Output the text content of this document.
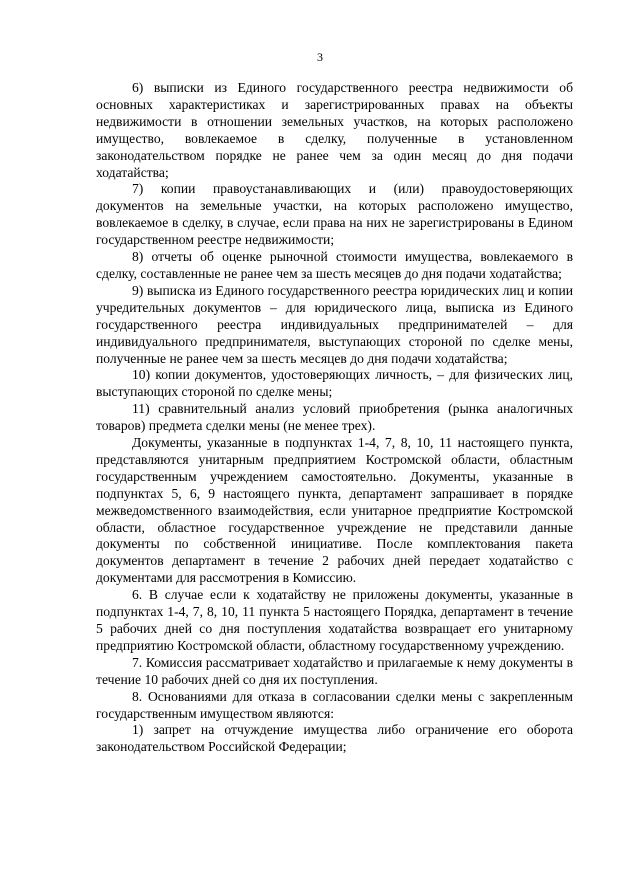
3

6) выписки из Единого государственного реестра недвижимости об основных характеристиках и зарегистрированных правах на объекты недвижимости в отношении земельных участков, на которых расположено имущество, вовлекаемое в сделку, полученные в установленном законодательством порядке не ранее чем за один месяц до дня подачи ходатайства;

7) копии правоустанавливающих и (или) правоудостоверяющих документов на земельные участки, на которых расположено имущество, вовлекаемое в сделку, в случае, если права на них не зарегистрированы в Едином государственном реестре недвижимости;

8) отчеты об оценке рыночной стоимости имущества, вовлекаемого в сделку, составленные не ранее чем за шесть месяцев до дня подачи ходатайства;

9) выписка из Единого государственного реестра юридических лиц и копии учредительных документов – для юридического лица, выписка из Единого государственного реестра индивидуальных предпринимателей – для индивидуального предпринимателя, выступающих стороной по сделке мены, полученные не ранее чем за шесть месяцев до дня подачи ходатайства;

10) копии документов, удостоверяющих личность, – для физических лиц, выступающих стороной по сделке мены;

11) сравнительный анализ условий приобретения (рынка аналогичных товаров) предмета сделки мены (не менее трех).

Документы, указанные в подпунктах 1-4, 7, 8, 10, 11 настоящего пункта, представляются унитарным предприятием Костромской области, областным государственным учреждением самостоятельно. Документы, указанные в подпунктах 5, 6, 9 настоящего пункта, департамент запрашивает в порядке межведомственного взаимодействия, если унитарное предприятие Костромской области, областное государственное учреждение не представили данные документы по собственной инициативе. После комплектования пакета документов департамент в течение 2 рабочих дней передает ходатайство с документами для рассмотрения в Комиссию.

6. В случае если к ходатайству не приложены документы, указанные в подпунктах 1-4, 7, 8, 10, 11 пункта 5 настоящего Порядка, департамент в течение 5 рабочих дней со дня поступления ходатайства возвращает его унитарному предприятию Костромской области, областному государственному учреждению.

7. Комиссия рассматривает ходатайство и прилагаемые к нему документы в течение 10 рабочих дней со дня их поступления.

8. Основаниями для отказа в согласовании сделки мены с закрепленным государственным имуществом являются:

1) запрет на отчуждение имущества либо ограничение его оборота законодательством Российской Федерации;
